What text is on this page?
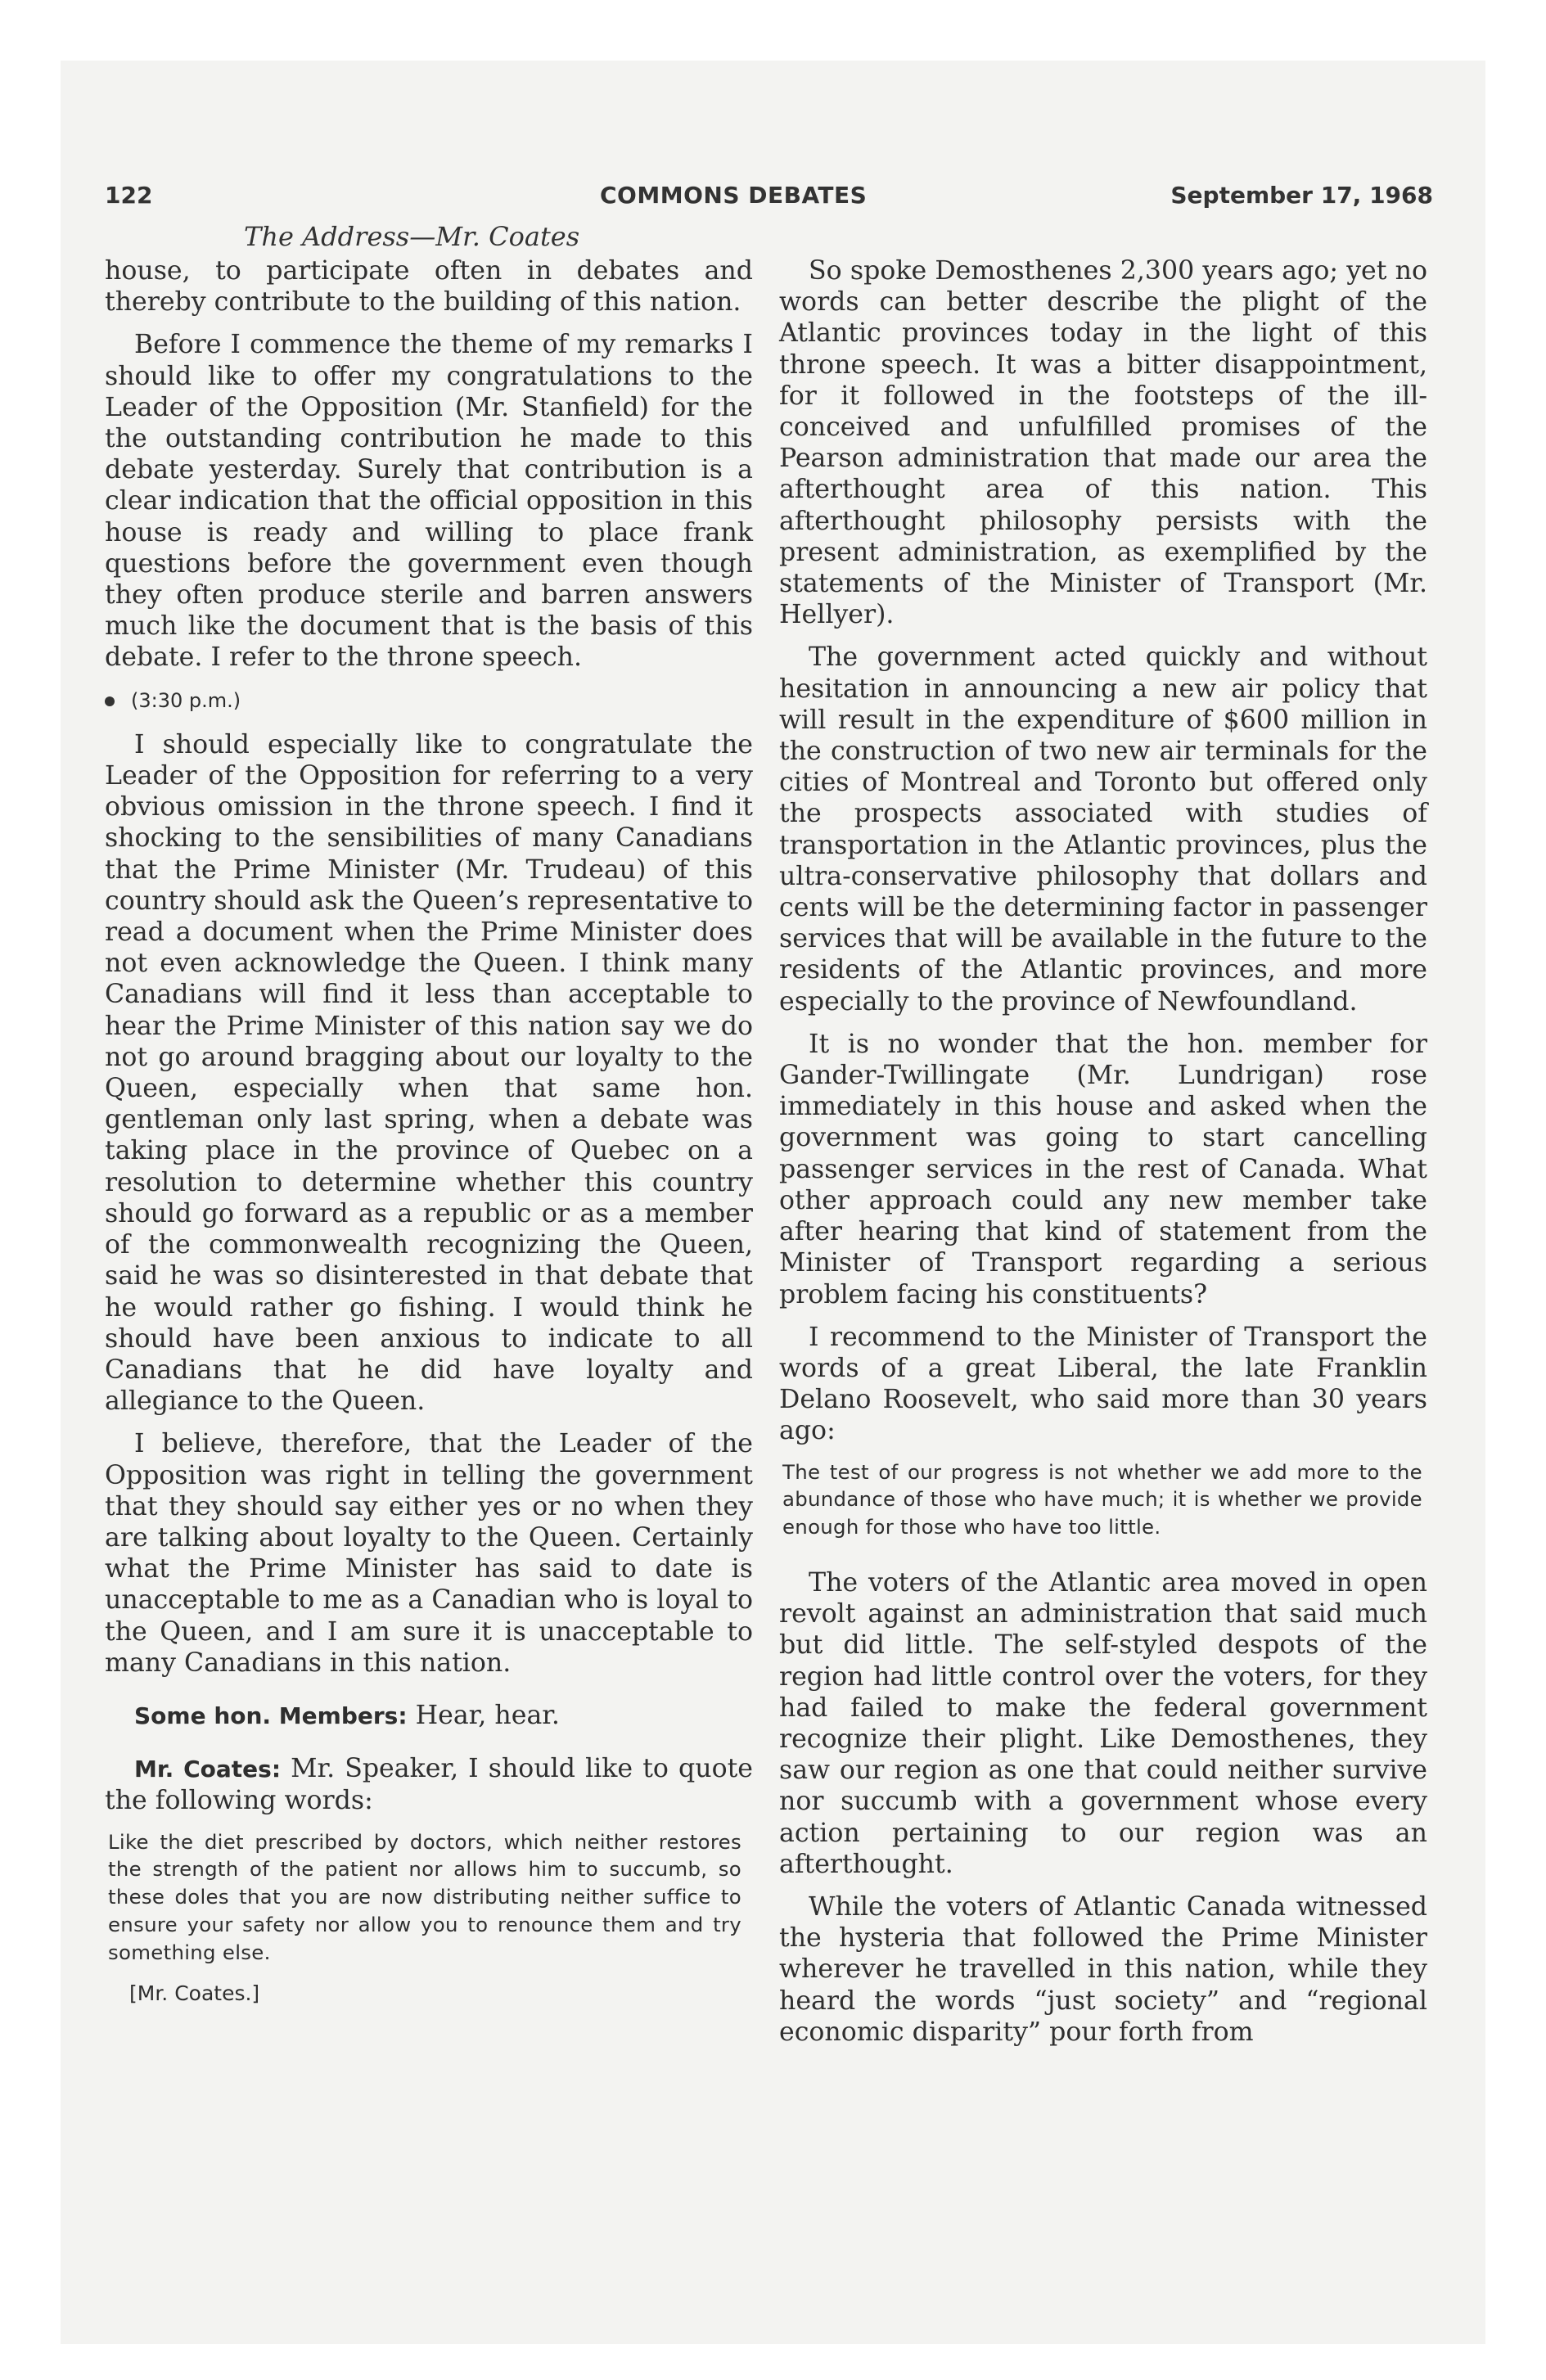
122	COMMONS DEBATES	September 17, 1968
The Address—Mr. Coates

house, to participate often in debates and thereby contribute to the building of this nation.

Before I commence the theme of my remarks I should like to offer my congratulations to the Leader of the Opposition (Mr. Stanfield) for the the outstanding contribution he made to this debate yesterday. Surely that contribution is a clear indication that the official opposition in this house is ready and willing to place frank questions before the government even though they often produce sterile and barren answers much like the document that is the basis of this debate. I refer to the throne speech.

(3:30 p.m.)

I should especially like to congratulate the Leader of the Opposition for referring to a very obvious omission in the throne speech. I find it shocking to the sensibilities of many Canadians that the Prime Minister (Mr. Trudeau) of this country should ask the Queen’s representative to read a document when the Prime Minister does not even acknowledge the Queen. I think many Canadians will find it less than acceptable to hear the Prime Minister of this nation say we do not go around bragging about our loyalty to the Queen, especially when that same hon. gentleman only last spring, when a debate was taking place in the province of Quebec on a resolution to determine whether this country should go forward as a republic or as a member of the commonwealth recognizing the Queen, said he was so disinterested in that debate that he would rather go fishing. I would think he should have been anxious to indicate to all Canadians that he did have loyalty and allegiance to the Queen.

I believe, therefore, that the Leader of the Opposition was right in telling the government that they should say either yes or no when they are talking about loyalty to the Queen. Certainly what the Prime Minister has said to date is unacceptable to me as a Canadian who is loyal to the Queen, and I am sure it is unacceptable to many Canadians in this nation.

Some hon. Members: Hear, hear.

Mr. Coates: Mr. Speaker, I should like to quote the following words:

Like the diet prescribed by doctors, which neither restores the strength of the patient nor allows him to succumb, so these doles that you are now distributing neither suffice to ensure your safety nor allow you to renounce them and try something else.

[Mr. Coates.]

So spoke Demosthenes 2,300 years ago; yet no words can better describe the plight of the Atlantic provinces today in the light of this throne speech. It was a bitter disappointment, for it followed in the footsteps of the ill-conceived and unfulfilled promises of the Pearson administration that made our area the afterthought area of this nation. This afterthought philosophy persists with the present administration, as exemplified by the statements of the Minister of Transport (Mr. Hellyer).

The government acted quickly and without hesitation in announcing a new air policy that will result in the expenditure of $600 million in the construction of two new air terminals for the cities of Montreal and Toronto but offered only the prospects associated with studies of transportation in the Atlantic provinces, plus the ultra-conservative philosophy that dollars and cents will be the determining factor in passenger services that will be available in the future to the residents of the Atlantic provinces, and more especially to the province of Newfoundland.

It is no wonder that the hon. member for Gander-Twillingate (Mr. Lundrigan) rose immediately in this house and asked when the government was going to start cancelling passenger services in the rest of Canada. What other approach could any new member take after hearing that kind of statement from the Minister of Transport regarding a serious problem facing his constituents?

I recommend to the Minister of Transport the words of a great Liberal, the late Franklin Delano Roosevelt, who said more than 30 years ago:

The test of our progress is not whether we add more to the abundance of those who have much; it is whether we provide enough for those who have too little.

The voters of the Atlantic area moved in open revolt against an administration that said much but did little. The self-styled despots of the region had little control over the voters, for they had failed to make the federal government recognize their plight. Like Demosthenes, they saw our region as one that could neither survive nor succumb with a government whose every action pertaining to our region was an afterthought.

While the voters of Atlantic Canada witnessed the hysteria that followed the Prime Minister wherever he travelled in this nation, while they heard the words “just society” and “regional economic disparity” pour forth from
